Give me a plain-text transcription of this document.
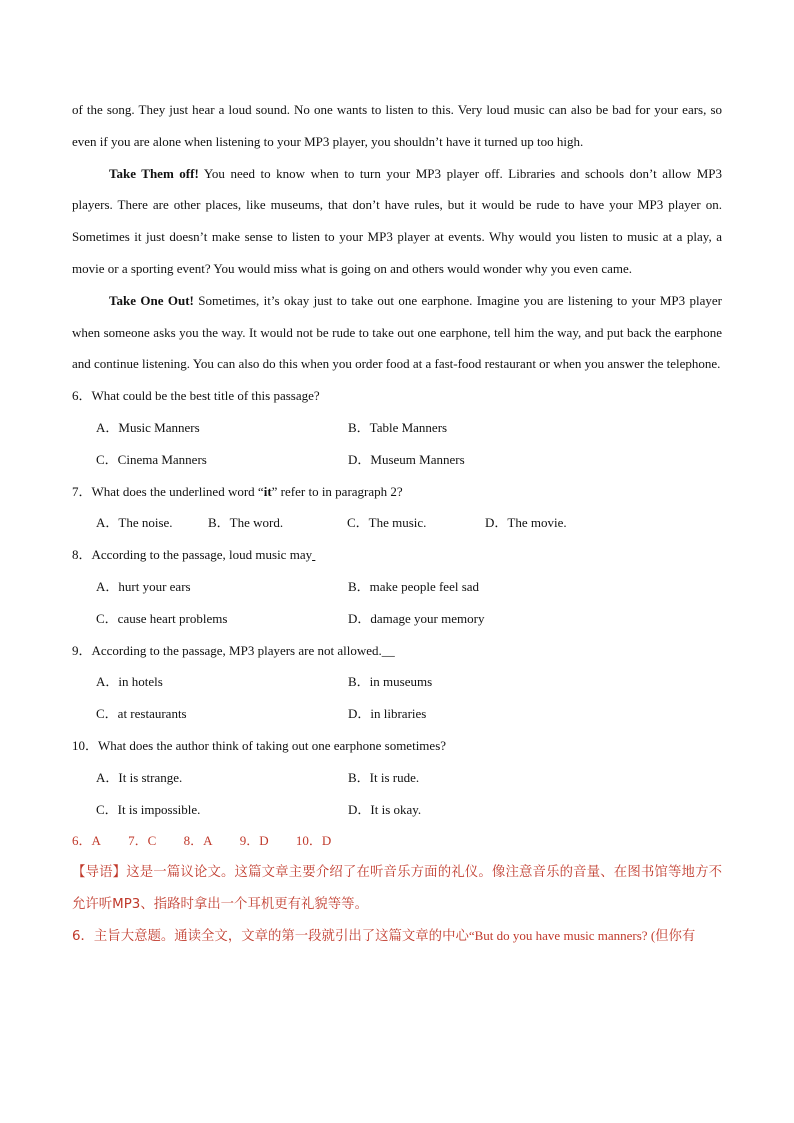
of the song. They just hear a loud sound. No one wants to listen to this. Very loud music can also be bad for your ears, so even if you are alone when listening to your MP3 player, you shouldn’t have it turned up too high.

Take Them off! You need to know when to turn your MP3 player off. Libraries and schools don’t allow MP3 players. There are other places, like museums, that don’t have rules, but it would be rude to have your MP3 player on. Sometimes it just doesn’t make sense to listen to your MP3 player at events. Why would you listen to music at a play, a movie or a sporting event? You would miss what is going on and others would wonder why you even came.

Take One Out! Sometimes, it’s okay just to take out one earphone. Imagine you are listening to your MP3 player when someone asks you the way. It would not be rude to take out one earphone, tell him the way, and put back the earphone and continue listening. You can also do this when you order food at a fast-food restaurant or when you answer the telephone.

6．What could be the best title of this passage?
A．Music Manners	B．Table Manners
C．Cinema Manners	D．Museum Manners
7．What does the underlined word “it” refer to in paragraph 2?
A．The noise.	B．The word.	C．The music.	D．The movie.
8．According to the passage, loud music may
A．hurt your ears	B．make people feel sad
C．cause heart problems	D．damage your memory
9．According to the passage, MP3 players are not allowed.__
A．in hotels	B．in museums
C．at restaurants	D．in libraries
10．What does the author think of taking out one earphone sometimes?
A．It is strange.	B．It is rude.
C．It is impossible.	D．It is okay.
6．A 7．C 8．A 9．D 10．D

【导语】这是一篇议论文。这篇文章主要介绍了在听音乐方面的礼仪。像注意音乐的音量、在图书馆等地方不允许听MP3、指路时拿出一个耳机更有礼貌等等。

6．主旨大意题。通读全文，文章的第一段就引出了这篇文章的中心“But do you have music manners? (但你有
